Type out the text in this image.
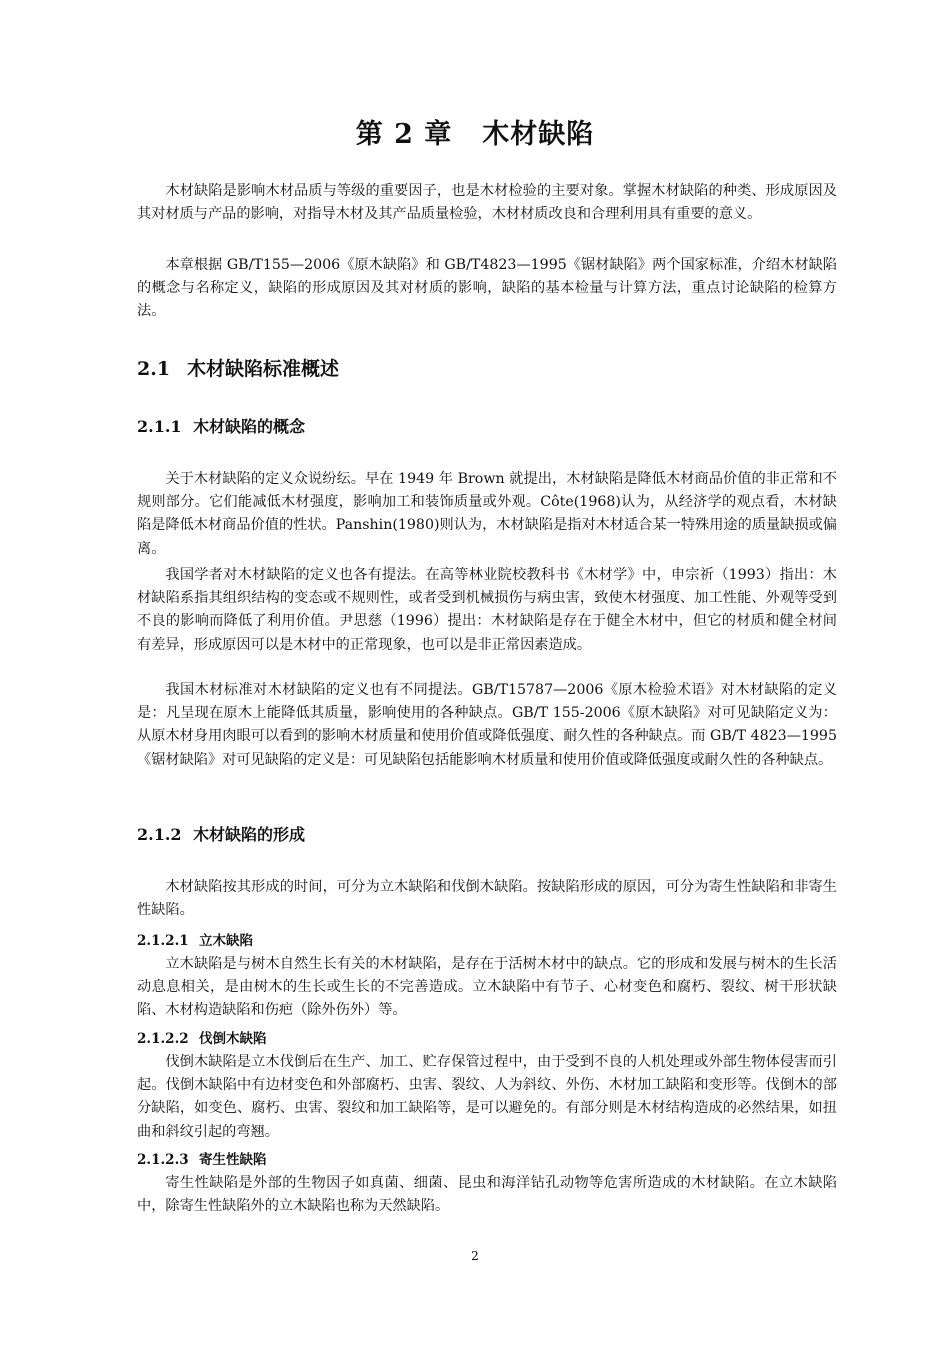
第 2 章 木材缺陷

木材缺陷是影响木材品质与等级的重要因子，也是木材检验的主要对象。掌握木材缺陷的种类、形成原因及其对材质与产品的影响，对指导木材及其产品质量检验，木材材质改良和合理利用具有重要的意义。

本章根据 GB/T155—2006《原木缺陷》和 GB/T4823—1995《锯材缺陷》两个国家标准，介绍木材缺陷的概念与名称定义，缺陷的形成原因及其对材质的影响，缺陷的基本检量与计算方法，重点讨论缺陷的检算方法。

2.1 木材缺陷标准概述
2.1.1 木材缺陷的概念

关于木材缺陷的定义众说纷纭。早在 1949 年 Brown 就提出，木材缺陷是降低木材商品价值的非正常和不规则部分。它们能减低木材强度，影响加工和装饰质量或外观。Côte(1968)认为，从经济学的观点看，木材缺陷是降低木材商品价值的性状。Panshin(1980)则认为，木材缺陷是指对木材适合某一特殊用途的质量缺损或偏离。

我国学者对木材缺陷的定义也各有提法。在高等林业院校教科书《木材学》中，申宗祈（1993）指出：木材缺陷系指其组织结构的变态或不规则性，或者受到机械损伤与病虫害，致使木材强度、加工性能、外观等受到不良的影响而降低了利用价值。尹思慈（1996）提出：木材缺陷是存在于健全木材中，但它的材质和健全材间有差异，形成原因可以是木材中的正常现象，也可以是非正常因素造成。

我国木材标准对木材缺陷的定义也有不同提法。GB/T15787—2006《原木检验术语》对木材缺陷的定义是：凡呈现在原木上能降低其质量，影响使用的各种缺点。GB/T 155-2006《原木缺陷》对可见缺陷定义为：从原木材身用肉眼可以看到的影响木材质量和使用价值或降低强度、耐久性的各种缺点。而 GB/T 4823—1995《锯材缺陷》对可见缺陷的定义是：可见缺陷包括能影响木材质量和使用价值或降低强度或耐久性的各种缺点。

2.1.2 木材缺陷的形成

木材缺陷按其形成的时间，可分为立木缺陷和伐倒木缺陷。按缺陷形成的原因，可分为寄生性缺陷和非寄生性缺陷。

2.1.2.1 立木缺陷

立木缺陷是与树木自然生长有关的木材缺陷，是存在于活树木材中的缺点。它的形成和发展与树木的生长活动息息相关，是由树木的生长或生长的不完善造成。立木缺陷中有节子、心材变色和腐朽、裂纹、树干形状缺陷、木材构造缺陷和伤疤（除外伤外）等。

2.1.2.2 伐倒木缺陷

伐倒木缺陷是立木伐倒后在生产、加工、贮存保管过程中，由于受到不良的人机处理或外部生物体侵害而引起。伐倒木缺陷中有边材变色和外部腐朽、虫害、裂纹、人为斜纹、外伤、木材加工缺陷和变形等。伐倒木的部分缺陷，如变色、腐朽、虫害、裂纹和加工缺陷等，是可以避免的。有部分则是木材结构造成的必然结果，如扭曲和斜纹引起的弯翘。

2.1.2.3 寄生性缺陷

寄生性缺陷是外部的生物因子如真菌、细菌、昆虫和海洋钻孔动物等危害所造成的木材缺陷。在立木缺陷中，除寄生性缺陷外的立木缺陷也称为天然缺陷。

2
